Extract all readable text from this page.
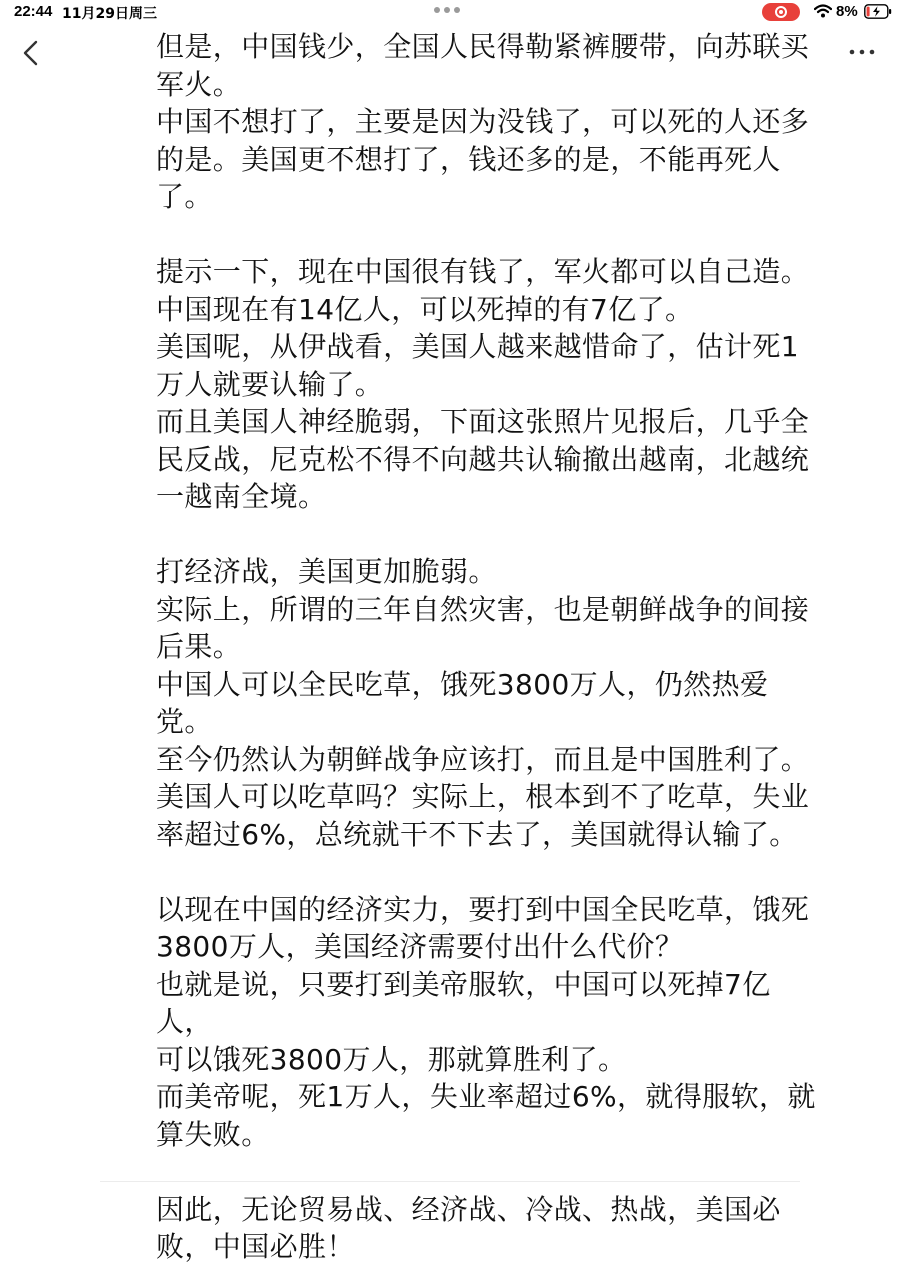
22:44 11月29日周三	8%

但是，中国钱少，全国人民得勒紧裤腰带，向苏联买
军火。

中国不想打了，主要是因为没钱了，可以死的人还多
的是。美国更不想打了，钱还多的是，不能再死人
了。

提示一下，现在中国很有钱了，军火都可以自己造。

中国现在有14亿人，可以死掉的有7亿了。

美国呢，从伊战看，美国人越来越惜命了，估计死1
万人就要认输了。

而且美国人神经脆弱，下面这张照片见报后，几乎全
民反战，尼克松不得不向越共认输撤出越南，北越统
一越南全境。

打经济战，美国更加脆弱。

实际上，所谓的三年自然灾害，也是朝鲜战争的间接
后果。

中国人可以全民吃草，饿死3800万人，仍然热爱党。

至今仍然认为朝鲜战争应该打，而且是中国胜利了。

美国人可以吃草吗？实际上，根本到不了吃草，失业
率超过6%，总统就干不下去了，美国就得认输了。

以现在中国的经济实力，要打到中国全民吃草，饿死
3800万人，美国经济需要付出什么代价？

也就是说，只要打到美帝服软，中国可以死掉7亿人，
可以饿死3800万人，那就算胜利了。

而美帝呢，死1万人，失业率超过6%，就得服软，就
算失败。

因此，无论贸易战、经济战、冷战、热战，美国必
败，中国必胜！
